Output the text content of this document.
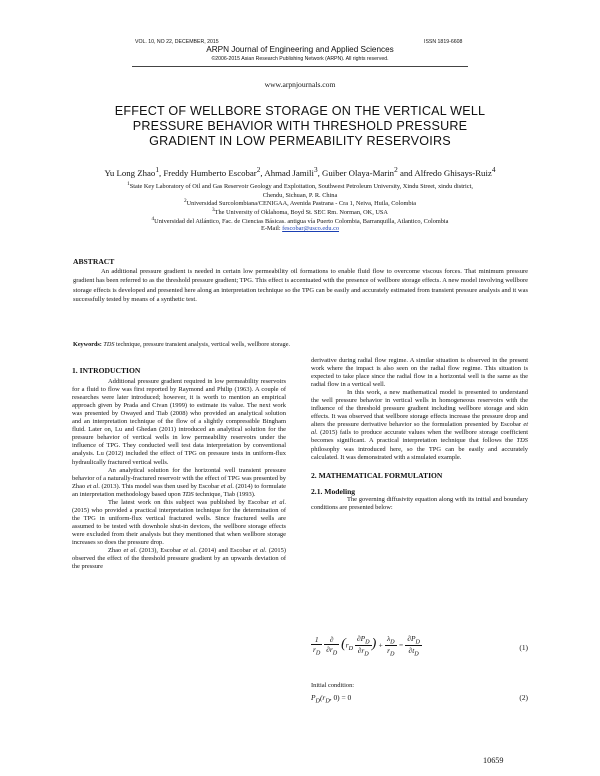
VOL. 10, NO 22, DECEMBER, 2015	ISSN 1819-6608
ARPN Journal of Engineering and Applied Sciences
©2006-2015 Asian Research Publishing Network (ARPN). All rights reserved.
www.arpnjournals.com
EFFECT OF WELLBORE STORAGE ON THE VERTICAL WELL
PRESSURE BEHAVIOR WITH THRESHOLD PRESSURE
GRADIENT IN LOW PERMEABILITY RESERVOIRS
Yu Long Zhao$^1$, Freddy Humberto Escobar$^2$, Ahmad Jamili$^3$, Guiber Olaya-Marin$^2$ and Alfredo Ghisays-Ruiz$^4$
$^1$State Key Laboratory of Oil and Gas Reservoir Geology and Exploitation, Southwest Petroleum University, Xindu Street, xindu district,
Chendu, Sichuan, P. R. China
$^2$Universidad Surcolombiana/CENIGAA, Avenida Pastrana - Cra 1, Neiva, Huila, Colombia
$^3$The University of Oklahoma, Boyd St. SEC Rm. Norman, OK, USA
$^4$Universidad del Atlántico, Fac. de Ciencias Básicas. antigua vía Puerto Colombia, Barranquilla, Atlantico, Colombia
E-Mail: fescobar@usco.edu.co
ABSTRACT
An additional pressure gradient is needed in certain low permeability oil formations to enable fluid flow to overcome viscous forces. That minimum pressure gradient has been referred to as the threshold pressure gradient; TPG. This effect is accentuated with the presence of wellbore storage effects. A new model involving wellbore storage effects is developed and presented here along an interpretation technique so the TPG can be easily and accurately estimated from transient pressure analysis and it was successfully tested by means of a synthetic test.
Keywords: TDS technique, pressure transient analysis, vertical wells, wellbore storage.

1. INTRODUCTION

Additional pressure gradient required in low permeability reservoirs for a fluid to flow was first reported by Raymond and Philip (1963). A couple of researches were later introduced; however, it is worth to mention an empirical approach given by Prada and Civan (1999) to estimate its value. The next work was presented by Owayed and Tiab (2008) who provided an analytical solution and an interpretation technique of the flow of a slightly compressible Bingham fluid. Later on, Lu and Ghedan (2011) introduced an analytical solution for the pressure behavior of vertical wells in low permeability reservoirs under the influence of TPG. They conducted well test data interpretation by conventional analysis. Lu (2012) included the effect of TPG on pressure tests in uniform-flux hydraulically fractured vertical wells.

An analytical solution for the horizontal well transient pressure behavior of a naturally-fractured reservoir with the effect of TPG was presented by Zhao et al. (2013). This model was then used by Escobar et al. (2014) to formulate an interpretation methodology based upon TDS technique, Tiab (1993).

The latest work on this subject was published by Escobar et al. (2015) who provided a practical interpretation technique for the determination of the TPG in uniform-flux vertical fractured wells. Since fractured wells are assumed to be tested with downhole shut-in devices, the wellbore storage effects were excluded from their analysis but they mentioned that when wellbore storage increases so does the pressure drop.

Zhao et al. (2013), Escobar et al. (2014) and Escobar et al. (2015) observed the effect of the threshold pressure gradient by an upwards deviation of the pressure

derivative during radial flow regime. A similar situation is observed in the present work where the impact is also seen on the radial flow regime. This situation is expected to take place since the radial flow in a horizontal well is the same as the radial flow in a vertical well.

In this work, a new mathematical model is presented to understand the well pressure behavior in vertical wells in homogeneous reservoirs with the influence of the threshold pressure gradient including wellbore storage and skin effects. It was observed that wellbore storage effects increase the pressure drop and alters the pressure derivative behavior so the formulation presented by Escobar et al. (2015) fails to produce accurate values when the wellbore storage coefficient becomes significant. A practical interpretation technique that follows the TDS philosophy was introduced here, so the TPG can be easily and accurately calculated. It was demonstrated with a simulated example.

2. MATHEMATICAL FORMULATION

2.1. Modeling

The governing diffusivity equation along with its initial and boundary conditions are presented below:

$\frac{1}{r_D}$
$\frac{\partial}{\partial r_D} (r_D \frac{\partial P_D}{\partial r_D}$ ) + $\frac{\lambda_D}{r_D} = \frac{\partial P_D}{\partial t_D}$	(1)
Initial condition:
$P_D(r_D$, 0) = 0	(2)
10659
